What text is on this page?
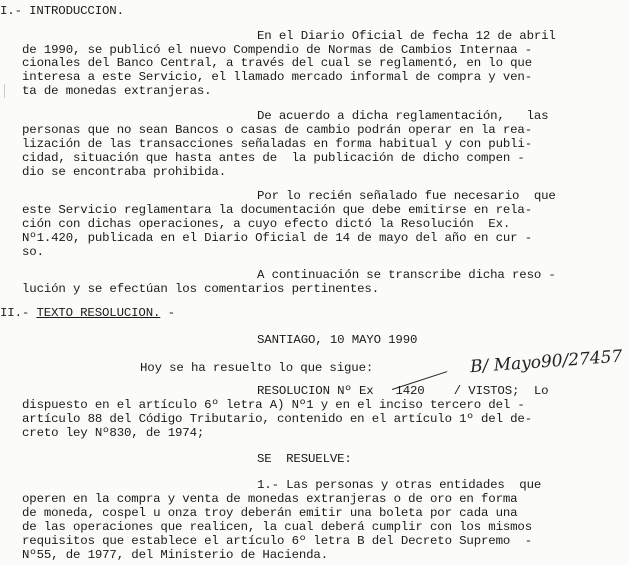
I.- INTRODUCCION.
En el Diario Oficial de fecha 12 de abril
de 1990, se publicó el nuevo Compendio de Normas de Cambios Internaa -
cionales del Banco Central, a través del cual se reglamentó, en lo que
interesa a este Servicio, el llamado mercado informal de compra y ven-
ta de monedas extranjeras.
De acuerdo a dicha reglamentación,   las
personas que no sean Bancos o casas de cambio podrán operar en la rea-
lización de las transacciones señaladas en forma habitual y con publi-
cidad, situación que hasta antes de  la publicación de dicho compen -
dio se encontraba prohibida.
Por lo recién señalado fue necesario  que
este Servicio reglamentara la documentación que debe emitirse en rela-
ción con dichas operaciones, a cuyo efecto dictó la Resolución  Ex.
Nº1.420, publicada en el Diario Oficial de 14 de mayo del año en cur -
so.
A continuación se transcribe dicha reso -
lución y se efectúan los comentarios pertinentes.
II.- TEXTO RESOLUCION. -
SANTIAGO, 10 MAYO 1990
Hoy se ha resuelto lo que sigue:	B/ Mayo90/27457
RESOLUCION Nº Ex   1420    / VISTOS;  Lo
dispuesto en el artículo 6º letra A) Nº1 y en el inciso tercero del -
artículo 88 del Código Tributario, contenido en el artículo 1º del de-
creto ley Nº830, de 1974;
SE  RESUELVE:
1.- Las personas y otras entidades  que
operen en la compra y venta de monedas extranjeras o de oro en forma
de moneda, cospel u onza troy deberán emitir una boleta por cada una
de las operaciones que realicen, la cual deberá cumplir con los mismos
requisitos que establece el artículo 6º letra B del Decreto Supremo  -
Nº55, de 1977, del Ministerio de Hacienda.
